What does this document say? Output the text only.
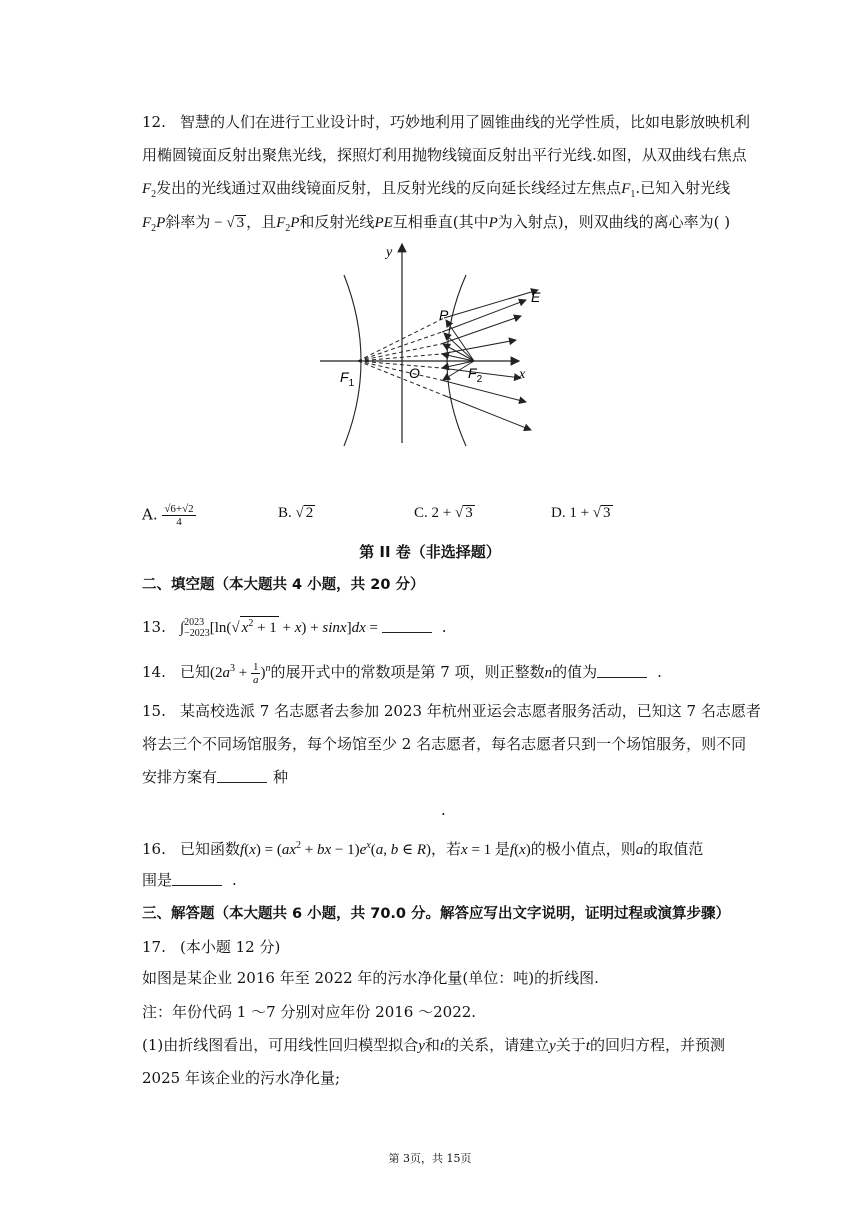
12. 智慧的人们在进行工业设计时，巧妙地利用了圆锥曲线的光学性质，比如电影放映机利
用椭圆镜面反射出聚焦光线，探照灯利用抛物线镜面反射出平行光线.如图，从双曲线右焦点
$F_2$发出的光线通过双曲线镜面反射，且反射光线的反向延长线经过左焦点$F_1$.已知入射光线
$F_2P$斜率为 − √ 3 ，且$F_2P$和反射光线PE互相垂直(其中P为入射点)，则双曲线的离心率为( )
y
x
E
P
O
$F_1$
$F_2$
A. $\frac{√6+√2}{4}$	B. √ 2	C. 2 + √ 3	D. 1 + √ 3
第 II 卷（非选择题）
二、填空题（本大题共 4 小题，共 20 分）
13. ∫ 2023
−2023 [ln(√ $x^2 + 1 + x) + \sin x]dx$ =	.
14. 已知$(2a^3 + \frac{1}{a} )^n$的展开式中的常数项是第 7 项，则正整数n的值为	.
15. 某高校选派 7 名志愿者去参加 2023 年杭州亚运会志愿者服务活动，已知这 7 名志愿者
将去三个不同场馆服务，每个场馆至少 2 名志愿者，每名志愿者只到一个场馆服务，则不同
安排方案有	种
.
16. 已知函数$f(x) = (ax^2$ + bx − $1)e^x(a$, b ∈ R)，若x = 1 是f(x)的极小值点，则a的取值范
围是	.
三、解答题（本大题共 6 小题，共 70.0 分。解答应写出文字说明，证明过程或演算步骤）
17. (本小题 12 分)
如图是某企业 2016 年至 2022 年的污水净化量(单位：吨)的折线图.
注：年份代码 1 ～7 分别对应年份 2016 ～2022.
(1)由折线图看出，可用线性回归模型拟合y和t的关系，请建立y关于t的回归方程，并预测
2025 年该企业的污水净化量;
第 3页，共 15页
